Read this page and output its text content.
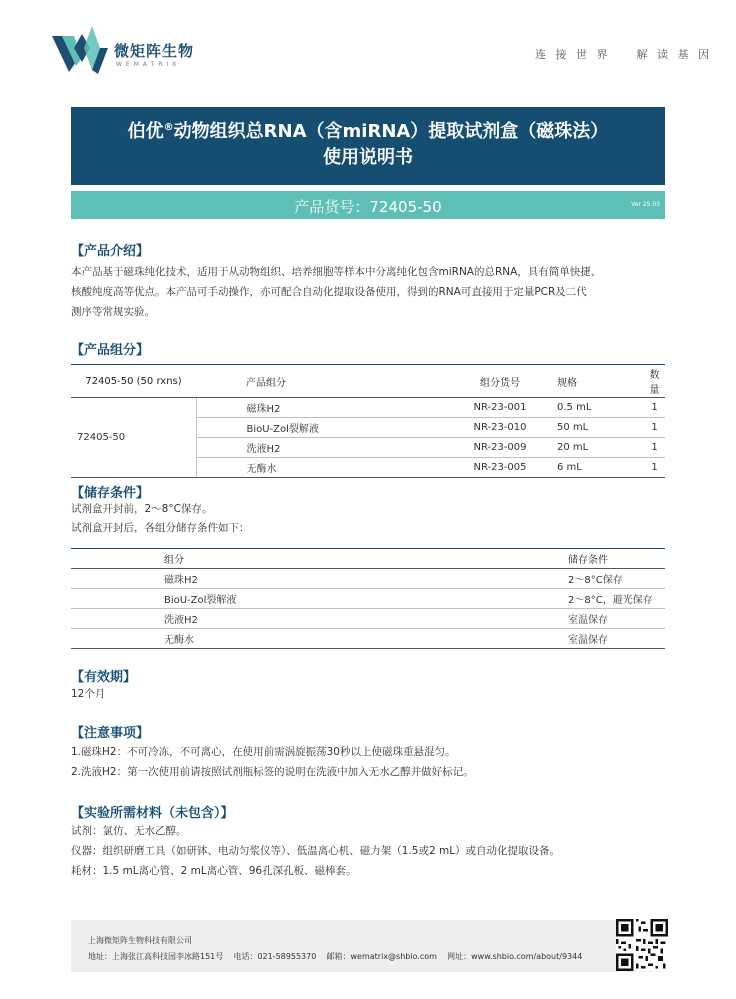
微矩阵生物
WEMATRIX
连 接 世 界    解 读 基 因
伯优®动物组织总RNA（含miRNA）提取试剂盒（磁珠法）
使用说明书
产品货号：72405-50	Ver 25.03
【产品介绍】
本产品基于磁珠纯化技术，适用于从动物组织、培养细胞等样本中分离纯化包含miRNA的总RNA，具有简单快捷、
核酸纯度高等优点。本产品可手动操作，亦可配合自动化提取设备使用，得到的RNA可直接用于定量PCR及二代
测序等常规实验。
【产品组分】
72405-50 (50 rxns)	产品组分	组分货号	规格	数量
72405-50	磁珠H2	NR-23-001	0.5 mL	1
	BioU-Zol裂解液	NR-23-010	50 mL	1
	洗液H2	NR-23-009	20 mL	1
	无酶水	NR-23-005	6 mL	1
【储存条件】
试剂盒开封前，2～8°C保存。
试剂盒开封后，各组分储存条件如下：
组分	储存条件
磁珠H2	2～8°C保存
BioU-Zol裂解液	2～8°C，避光保存
洗液H2	室温保存
无酶水	室温保存
【有效期】
12个月
【注意事项】
1.磁珠H2：不可冷冻，不可离心，在使用前需涡旋振荡30秒以上使磁珠重悬混匀。
2.洗液H2：第一次使用前请按照试剂瓶标签的说明在洗液中加入无水乙醇并做好标记。
【实验所需材料（未包含）】
试剂：氯仿、无水乙醇。
仪器：组织研磨工具（如研钵、电动匀浆仪等）、低温离心机、磁力架（1.5或2 mL）或自动化提取设备。
耗材：1.5 mL离心管、2 mL离心管、96孔深孔板、磁棒套。
上海微矩阵生物科技有限公司
地址：上海张江高科技园李冰路151号    电话：021-58955370    邮箱：wematrix@shbio.com    网址：www.shbio.com/about/9344
